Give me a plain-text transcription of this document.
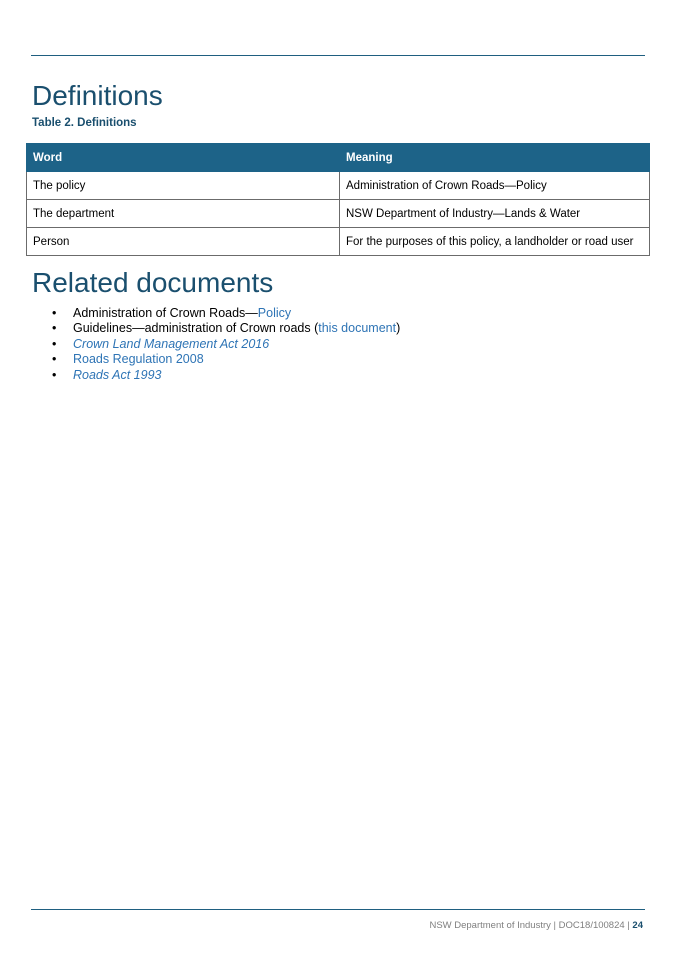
Definitions
Table 2. Definitions
Word	Meaning
The policy	Administration of Crown Roads—Policy
The department	NSW Department of Industry—Lands & Water
Person	For the purposes of this policy, a landholder or road user
Related documents
• Administration of Crown Roads—Policy
• Guidelines—administration of Crown roads (this document)
• Crown Land Management Act 2016
• Roads Regulation 2008
• Roads Act 1993
NSW Department of Industry | DOC18/100824 | 24
